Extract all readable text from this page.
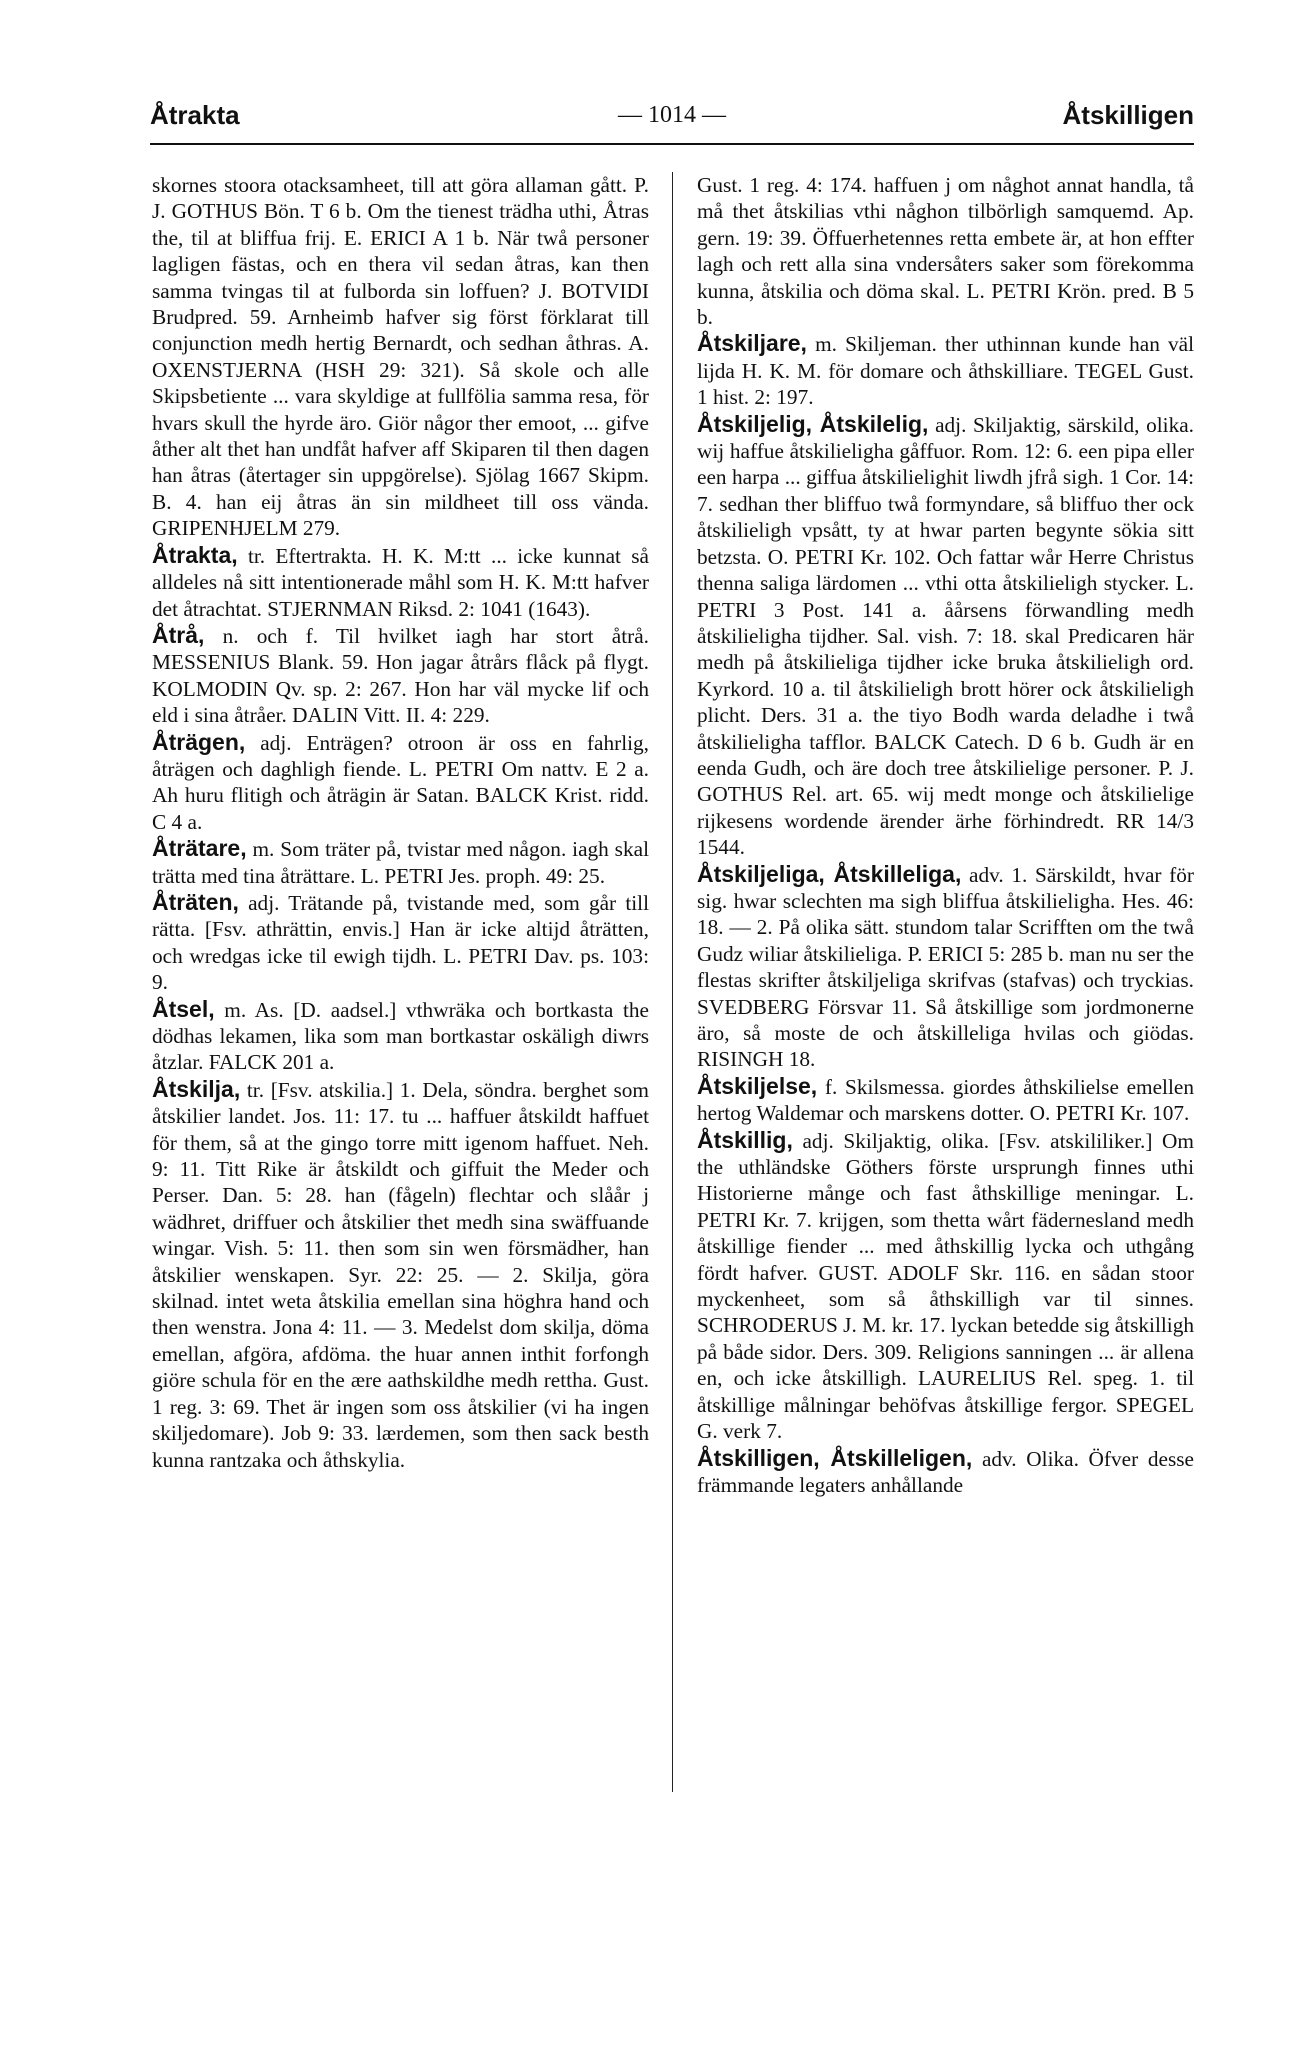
Åtrakta	— 1014 —	Åtskilligen

skornes stoora otacksamheet, till att göra allaman gått. P. J. GOTHUS Bön. T 6 b. Om the tienest trädha uthi, Åtras the, til at bliffua frij. E. ERICI A 1 b. När twå personer lagligen fästas, och en thera vil sedan åtras, kan then samma tvingas til at fulborda sin loffuen? J. BOTVIDI Brudpred. 59. Arnheimb hafver sig först förklarat till conjunction medh hertig Bernardt, och sedhan åthras. A. OXENSTJERNA (HSH 29: 321). Så skole och alle Skipsbetiente ... vara skyldige at fullfölia samma resa, för hvars skull the hyrde äro. Giör någor ther emoot, ... gifve åther alt thet han undfåt hafver aff Skiparen til then dagen han åtras (återtager sin uppgörelse). Sjölag 1667 Skipm. B. 4. han eij åtras än sin mildheet till oss vända. GRIPENHJELM 279.

Åtrakta, tr. Eftertrakta. H. K. M:tt ... icke kunnat så alldeles nå sitt intentionerade måhl som H. K. M:tt hafver det åtrachtat. STJERNMAN Riksd. 2: 1041 (1643).

Åtrå, n. och f. Til hvilket iagh har stort åtrå. MESSENIUS Blank. 59. Hon jagar åtrårs flåck på flygt. KOLMODIN Qv. sp. 2: 267. Hon har väl mycke lif och eld i sina åtråer. DALIN Vitt. II. 4: 229.

Åträgen, adj. Enträgen? otroon är oss en fahrlig, åträgen och daghligh fiende. L. PETRI Om nattv. E 2 a. Ah huru flitigh och åträgin är Satan. BALCK Krist. ridd. C 4 a.

Åträtare, m. Som träter på, tvistar med någon. iagh skal trätta med tina åträttare. L. PETRI Jes. proph. 49: 25.

Åträten, adj. Trätande på, tvistande med, som går till rätta. [Fsv. athrättin, envis.] Han är icke altijd åträtten, och wredgas icke til ewigh tijdh. L. PETRI Dav. ps. 103: 9.

Åtsel, m. As. [D. aadsel.] vthwräka och bortkasta the dödhas lekamen, lika som man bortkastar oskäligh diwrs åtzlar. FALCK 201 a.

Åtskilja, tr. [Fsv. atskilia.] 1. Dela, söndra. berghet som åtskilier landet. Jos. 11: 17. tu ... haffuer åtskildt haffuet för them, så at the gingo torre mitt igenom haffuet. Neh. 9: 11. Titt Rike är åtskildt och giffuit the Meder och Perser. Dan. 5: 28. han (fågeln) flechtar och slåår j wädhret, driffuer och åtskilier thet medh sina swäffuande wingar. Vish. 5: 11. then som sin wen försmädher, han åtskilier wenskapen. Syr. 22: 25. — 2. Skilja, göra skilnad. intet weta åtskilia emellan sina höghra hand och then wenstra. Jona 4: 11. — 3. Medelst dom skilja, döma emellan, afgöra, afdöma. the huar annen inthit forfongh giöre schula för en the ære aathskildhe medh rettha. Gust. 1 reg. 3: 69. Thet är ingen som oss åtskilier (vi ha ingen skiljedomare). Job 9: 33. lærdemen, som then sack besth kunna rantzaka och åthskylia.

Gust. 1 reg. 4: 174. haffuen j om någhot annat handla, tå må thet åtskilias vthi någhon tilbörligh samquemd. Ap. gern. 19: 39. Öffuerhetennes retta embete är, at hon effter lagh och rett alla sina vndersåters saker som förekomma kunna, åtskilia och döma skal. L. PETRI Krön. pred. B 5 b.

Åtskiljare, m. Skiljeman. ther uthinnan kunde han väl lijda H. K. M. för domare och åthskilliare. TEGEL Gust. 1 hist. 2: 197.

Åtskiljelig, Åtskilelig, adj. Skiljaktig, särskild, olika. wij haffue åtskilieligha gåffuor. Rom. 12: 6. een pipa eller een harpa ... giffua åtskilielighit liwdh jfrå sigh. 1 Cor. 14: 7. sedhan ther bliffuo twå formyndare, så bliffuo ther ock åtskilieligh vpsått, ty at hwar parten begynte sökia sitt betzsta. O. PETRI Kr. 102. Och fattar wår Herre Christus thenna saliga lärdomen ... vthi otta åtskilieligh stycker. L. PETRI 3 Post. 141 a. åårsens förwandling medh åtskilieligha tijdher. Sal. vish. 7: 18. skal Predicaren här medh på åtskilieliga tijdher icke bruka åtskilieligh ord. Kyrkord. 10 a. til åtskilieligh brott hörer ock åtskilieligh plicht. Ders. 31 a. the tiyo Bodh warda deladhe i twå åtskilieligha tafflor. BALCK Catech. D 6 b. Gudh är en eenda Gudh, och äre doch tree åtskilielige personer. P. J. GOTHUS Rel. art. 65. wij medt monge och åtskilielige rijkesens wordende ärender ärhe förhindredt. RR 14/3 1544.

Åtskiljeliga, Åtskilleliga, adv. 1. Särskildt, hvar för sig. hwar sclechten ma sigh bliffua åtskilieligha. Hes. 46: 18. — 2. På olika sätt. stundom talar Scrifften om the twå Gudz wiliar åtskilieliga. P. ERICI 5: 285 b. man nu ser the flestas skrifter åtskiljeliga skrifvas (stafvas) och tryckias. SVEDBERG Försvar 11. Så åtskillige som jordmonerne äro, så moste de och åtskilleliga hvilas och giödas. RISINGH 18.

Åtskiljelse, f. Skilsmessa. giordes åthskilielse emellen hertog Waldemar och marskens dotter. O. PETRI Kr. 107.

Åtskillig, adj. Skiljaktig, olika. [Fsv. atskililiker.] Om the uthländske Göthers förste ursprungh finnes uthi Historierne månge och fast åthskillige meningar. L. PETRI Kr. 7. krijgen, som thetta wårt fädernesland medh åtskillige fiender ... med åthskillig lycka och uthgång fördt hafver. GUST. ADOLF Skr. 116. en sådan stoor myckenheet, som så åthskilligh var til sinnes. SCHRODERUS J. M. kr. 17. lyckan betedde sig åtskilligh på både sidor. Ders. 309. Religions sanningen ... är allena en, och icke åtskilligh. LAURELIUS Rel. speg. 1. til åtskillige målningar behöfvas åtskillige fergor. SPEGEL G. verk 7.

Åtskilligen, Åtskilleligen, adv. Olika. Öfver desse främmande legaters anhållande
